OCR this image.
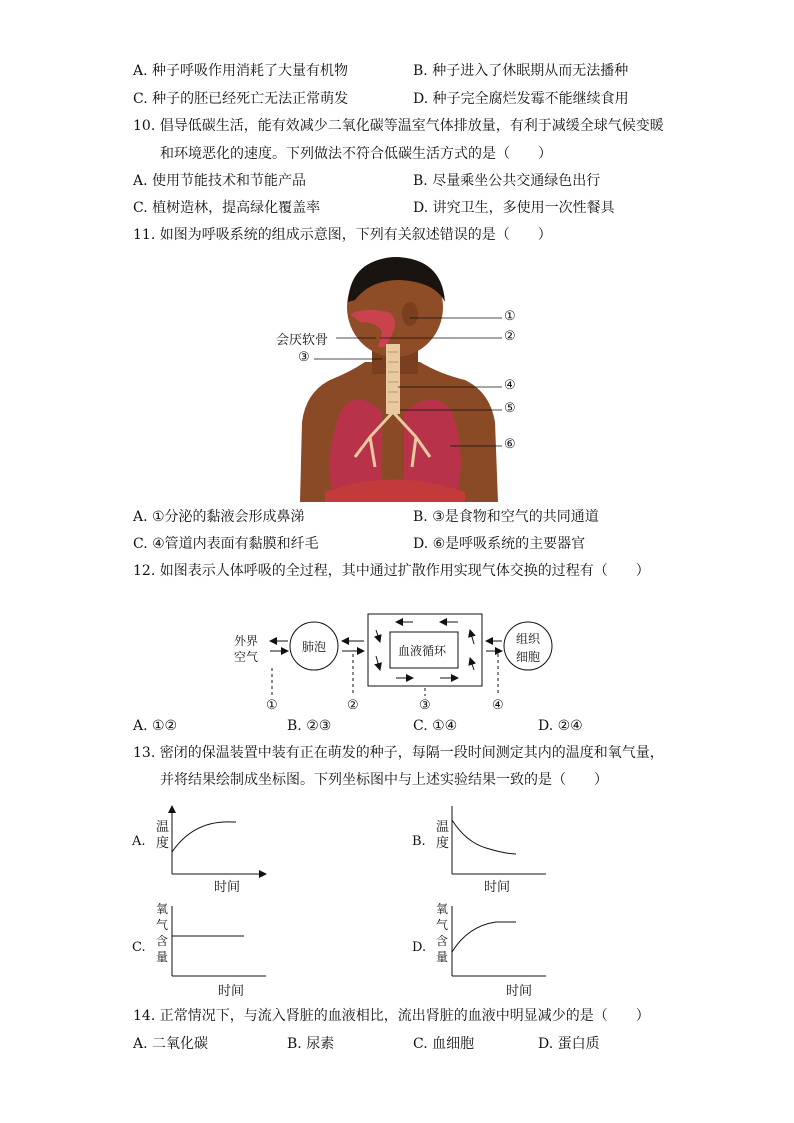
A. 种子呼吸作用消耗了大量有机物	B. 种子进入了休眠期从而无法播种
C. 种子的胚已经死亡无法正常萌发	D. 种子完全腐烂发霉不能继续食用
10. 倡导低碳生活，能有效减少二氧化碳等温室气体排放量，有利于减缓全球气候变暖
和环境恶化的速度。下列做法不符合低碳生活方式的是（　　）
A. 使用节能技术和节能产品	B. 尽量乘坐公共交通绿色出行
C. 植树造林，提高绿化覆盖率	D. 讲究卫生，多使用一次性餐具
11. 如图为呼吸系统的组成示意图，下列有关叙述错误的是（　　）
会厌软骨
①
②
③
④
⑤
⑥
A. ①分泌的黏液会形成鼻涕	B. ③是食物和空气的共同通道
C. ④管道内表面有黏膜和纤毛	D. ⑥是呼吸系统的主要器官
12. 如图表示人体呼吸的全过程，其中通过扩散作用实现气体交换的过程有（　　）
外界
空气
肺泡	血液循环
组织
细胞
①	②	③	④
A. ①②	B. ②③	C. ①④	D. ②④
13. 密闭的保温装置中装有正在萌发的种子，每隔一段时间测定其内的温度和氧气量，
并将结果绘制成坐标图。下列坐标图中与上述实验结果一致的是（　　）
A.
温
度
时间
B.
温
度
时间
C.
氧
气
含
量
时间
D.
氧
气
含
量
时间
14. 正常情况下，与流入肾脏的血液相比，流出肾脏的血液中明显减少的是（　　）
A. 二氧化碳	B. 尿素	C. 血细胞	D. 蛋白质
